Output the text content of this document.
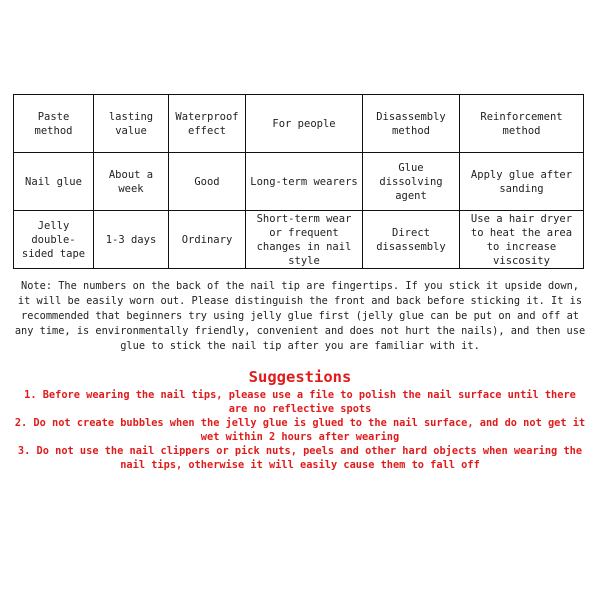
Paste method	lasting value	Waterproof effect	For people	Disassembly method	Reinforcement method
Nail glue	About a week	Good	Long-term wearers	Glue dissolving agent	Apply glue after sanding
Jelly double-sided tape	1-3 days	Ordinary	Short-term wear or frequent changes in nail style	Direct disassembly	Use a hair dryer to heat the area to increase viscosity

Note: The numbers on the back of the nail tip are fingertips. If you stick it upside down, it will be easily worn out. Please distinguish the front and back before sticking it. It is recommended that beginners try using jelly glue first (jelly glue can be put on and off at any time, is environmentally friendly, convenient and does not hurt the nails), and then use glue to stick the nail tip after you are familiar with it.

Suggestions
1. Before wearing the nail tips, please use a file to polish the nail surface until there are no reflective spots
2. Do not create bubbles when the jelly glue is glued to the nail surface, and do not get it wet within 2 hours after wearing
3. Do not use the nail clippers or pick nuts, peels and other hard objects when wearing the nail tips, otherwise it will easily cause them to fall off
